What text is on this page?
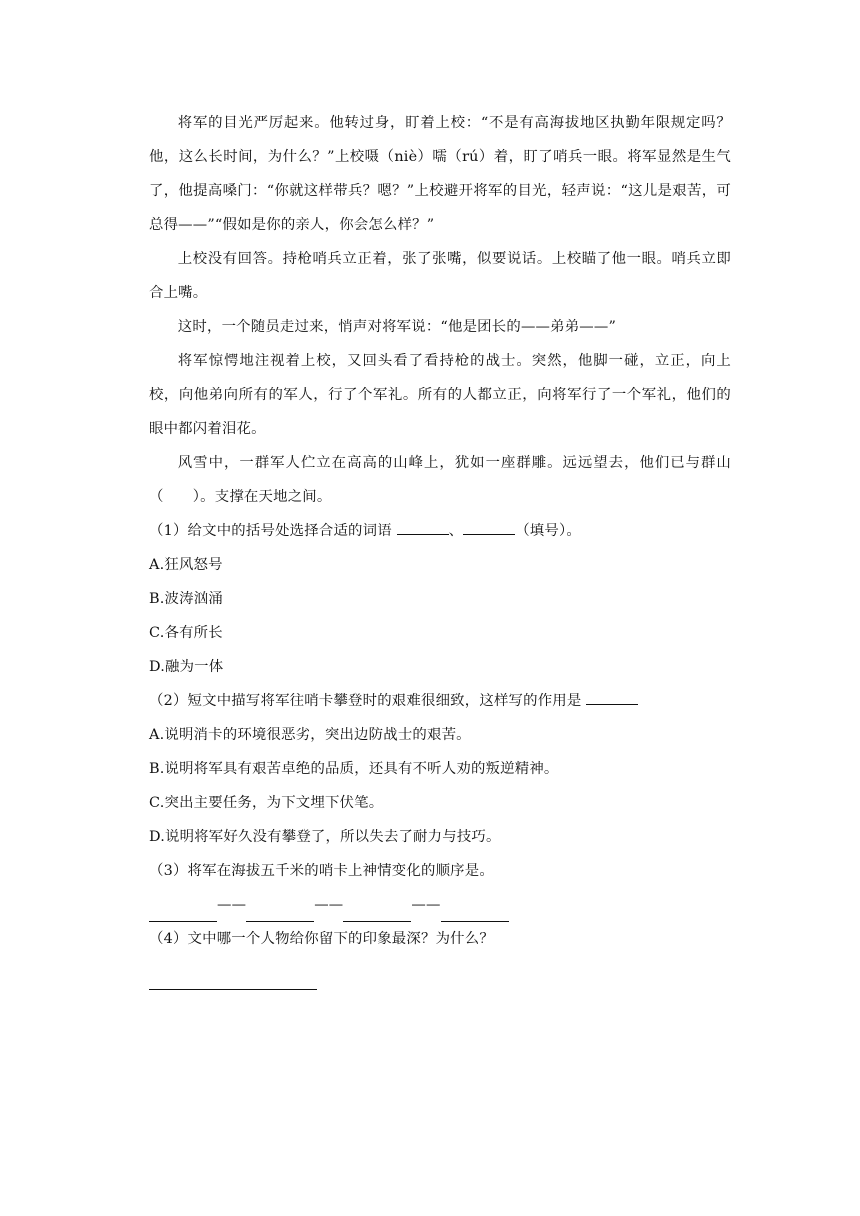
将军的目光严厉起来。他转过身，盯着上校：“不是有高海拔地区执勤年限规定吗？他，这么长时间，为什么？”上校嗫（niè）嚅（rú）着，盯了哨兵一眼。将军显然是生气了，他提高嗓门：“你就这样带兵？嗯？”上校避开将军的目光，轻声说：“这儿是艰苦，可总得——”“假如是你的亲人，你会怎么样？”

上校没有回答。持枪哨兵立正着，张了张嘴，似要说话。上校瞄了他一眼。哨兵立即合上嘴。

这时，一个随员走过来，悄声对将军说：“他是团长的——弟弟——”

将军惊愕地注视着上校，又回头看了看持枪的战士。突然，他脚一碰，立正，向上校，向他弟向所有的军人，行了个军礼。所有的人都立正，向将军行了一个军礼，他们的眼中都闪着泪花。

风雪中，一群军人伫立在高高的山峰上，犹如一座群雕。远远望去，他们已与群山（　　）。支撑在天地之间。

（1）给文中的括号处选择合适的词语	、	（填号）。

A.狂风怒号

B.波涛汹涌

C.各有所长

D.融为一体

（2）短文中描写将军往哨卡攀登时的艰难很细致，这样写的作用是

A.说明消卡的环境很恶劣，突出边防战士的艰苦。

B.说明将军具有艰苦卓绝的品质，还具有不听人劝的叛逆精神。

C.突出主要任务，为下文埋下伏笔。

D.说明将军好久没有攀登了，所以失去了耐力与技巧。

（3）将军在海拔五千米的哨卡上神情变化的顺序是。

——	——	——

（4）文中哪一个人物给你留下的印象最深？为什么？
